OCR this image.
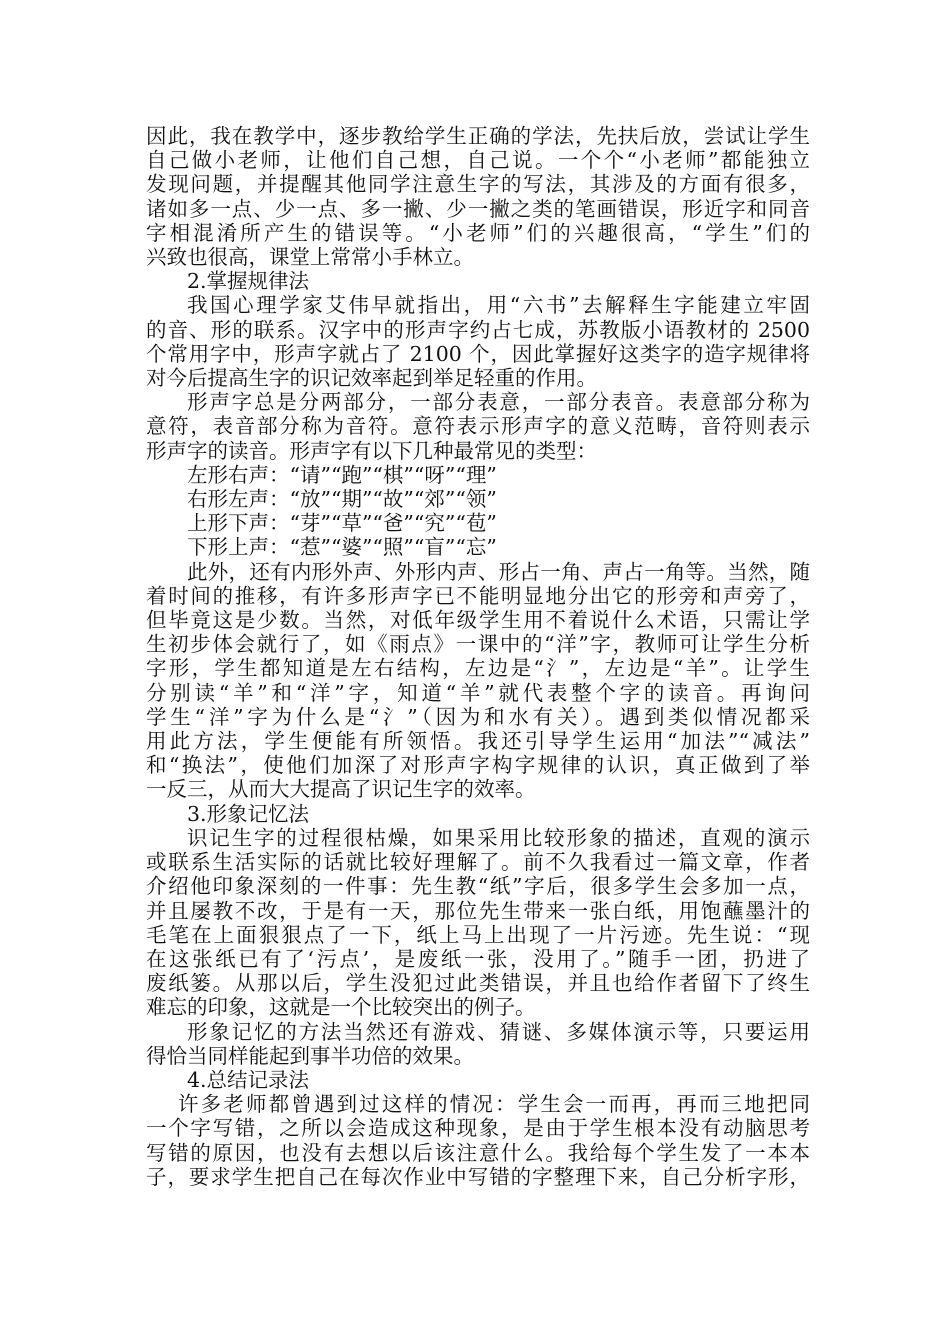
因此，我在教学中，逐步教给学生正确的学法，先扶后放，尝试让学生
自己做小老师，让他们自己想，自己说。一个个“小老师”都能独立
发现问题，并提醒其他同学注意生字的写法，其涉及的方面有很多，
诸如多一点、少一点、多一撇、少一撇之类的笔画错误，形近字和同音
字相混淆所产生的错误等。“小老师”们的兴趣很高，“学生”们的
兴致也很高，课堂上常常小手林立。
2.掌握规律法
我国心理学家艾伟早就指出，用“六书”去解释生字能建立牢固
的音、形的联系。汉字中的形声字约占七成，苏教版小语教材的 2500
个常用字中，形声字就占了 2100 个，因此掌握好这类字的造字规律将
对今后提高生字的识记效率起到举足轻重的作用。
形声字总是分两部分，一部分表意，一部分表音。表意部分称为
意符，表音部分称为音符。意符表示形声字的意义范畴，音符则表示
形声字的读音。形声字有以下几种最常见的类型：
左形右声：“请”“跑”“棋”“呀”“理”
右形左声：“放”“期”“故”“郊”“领”
上形下声：“芽”“草”“爸”“究”“苞”
下形上声：“惹”“婆”“照”“盲”“忘”
此外，还有内形外声、外形内声、形占一角、声占一角等。当然，随
着时间的推移，有许多形声字已不能明显地分出它的形旁和声旁了，
但毕竟这是少数。当然，对低年级学生用不着说什么术语，只需让学
生初步体会就行了，如《雨点》一课中的“洋”字，教师可让学生分析
字形，学生都知道是左右结构，左边是“氵”，左边是“羊”。让学生
分别读“羊”和“洋”字，知道“羊”就代表整个字的读音。再询问
学生“洋”字为什么是“氵”（因为和水有关）。遇到类似情况都采
用此方法，学生便能有所领悟。我还引导学生运用“加法”“减法”
和“换法”，使他们加深了对形声字构字规律的认识，真正做到了举
一反三，从而大大提高了识记生字的效率。
3.形象记忆法
识记生字的过程很枯燥，如果采用比较形象的描述，直观的演示
或联系生活实际的话就比较好理解了。前不久我看过一篇文章，作者
介绍他印象深刻的一件事：先生教“纸”字后，很多学生会多加一点，
并且屡教不改，于是有一天，那位先生带来一张白纸，用饱蘸墨汁的
毛笔在上面狠狠点了一下，纸上马上出现了一片污迹。先生说：“现
在这张纸已有了‘污点’，是废纸一张，没用了。”随手一团，扔进了
废纸篓。从那以后，学生没犯过此类错误，并且也给作者留下了终生
难忘的印象，这就是一个比较突出的例子。
形象记忆的方法当然还有游戏、猜谜、多媒体演示等，只要运用
得恰当同样能起到事半功倍的效果。
4.总结记录法
许多老师都曾遇到过这样的情况：学生会一而再，再而三地把同
一个字写错，之所以会造成这种现象，是由于学生根本没有动脑思考
写错的原因，也没有去想以后该注意什么。我给每个学生发了一本本
子，要求学生把自己在每次作业中写错的字整理下来，自己分析字形，
